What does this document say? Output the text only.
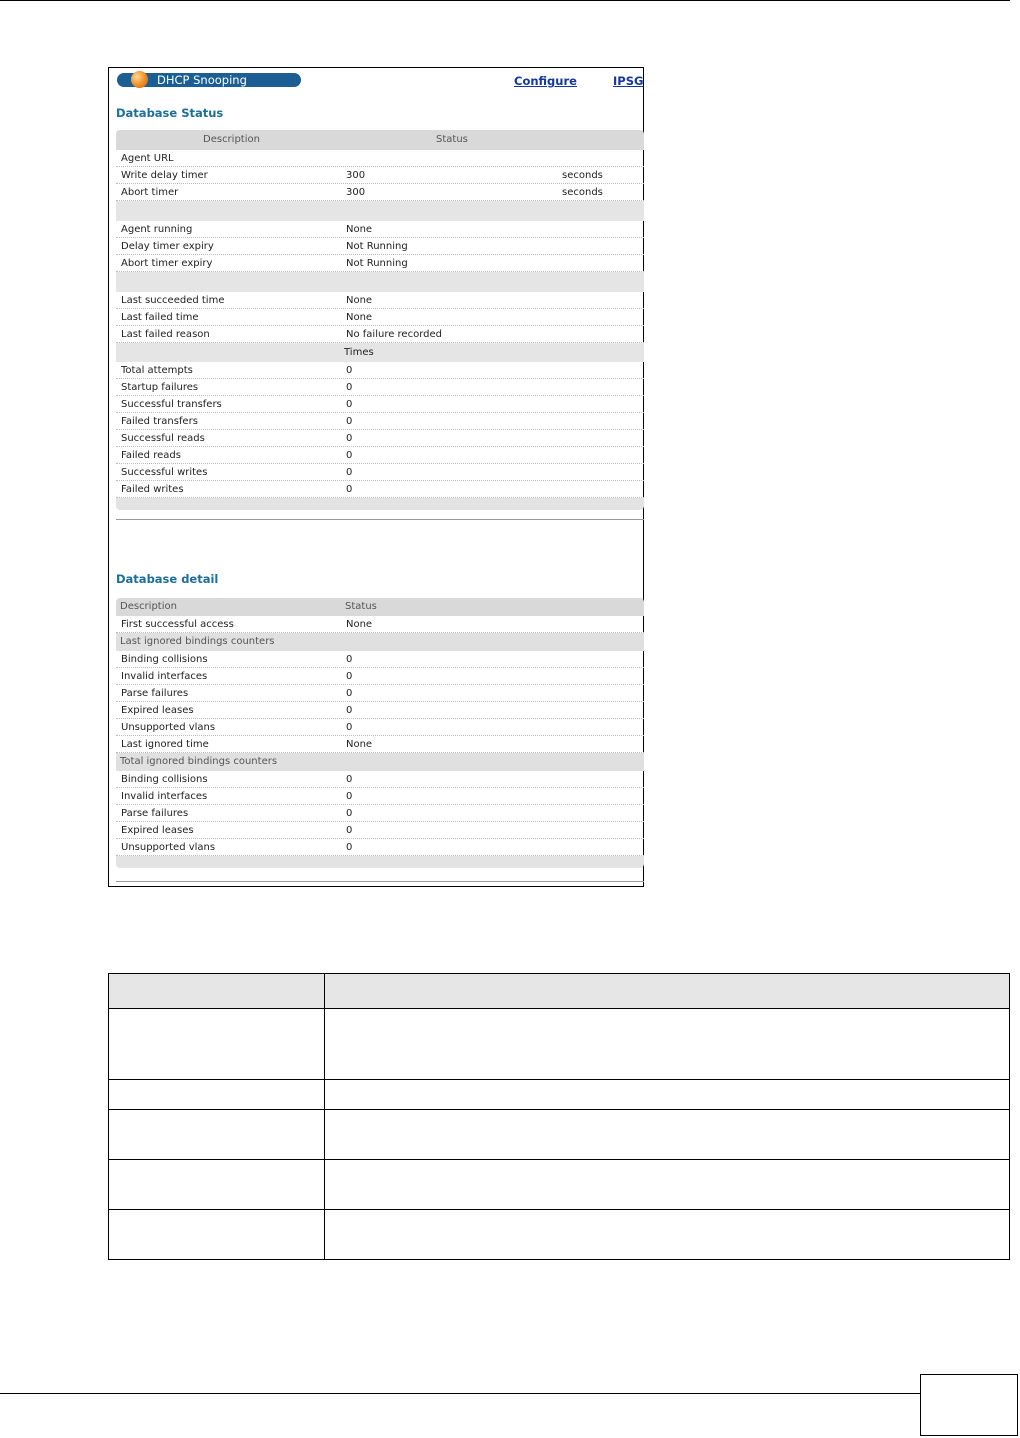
DHCP Snooping	Configure	IPSG
Database Status
Description	Status
Agent URL
Write delay timer	300	seconds
Abort timer	300	seconds
Agent running	None
Delay timer expiry	Not Running
Abort timer expiry	Not Running
Last succeeded time	None
Last failed time	None
Last failed reason	No failure recorded
Times
Total attempts	0
Startup failures	0
Successful transfers	0
Failed transfers	0
Successful reads	0
Failed reads	0
Successful writes	0
Failed writes	0
Database detail
Description	Status
First successful access	None
Last ignored bindings counters
Binding collisions	0
Invalid interfaces	0
Parse failures	0
Expired leases	0
Unsupported vlans	0
Last ignored time	None
Total ignored bindings counters
Binding collisions	0
Invalid interfaces	0
Parse failures	0
Expired leases	0
Unsupported vlans	0
